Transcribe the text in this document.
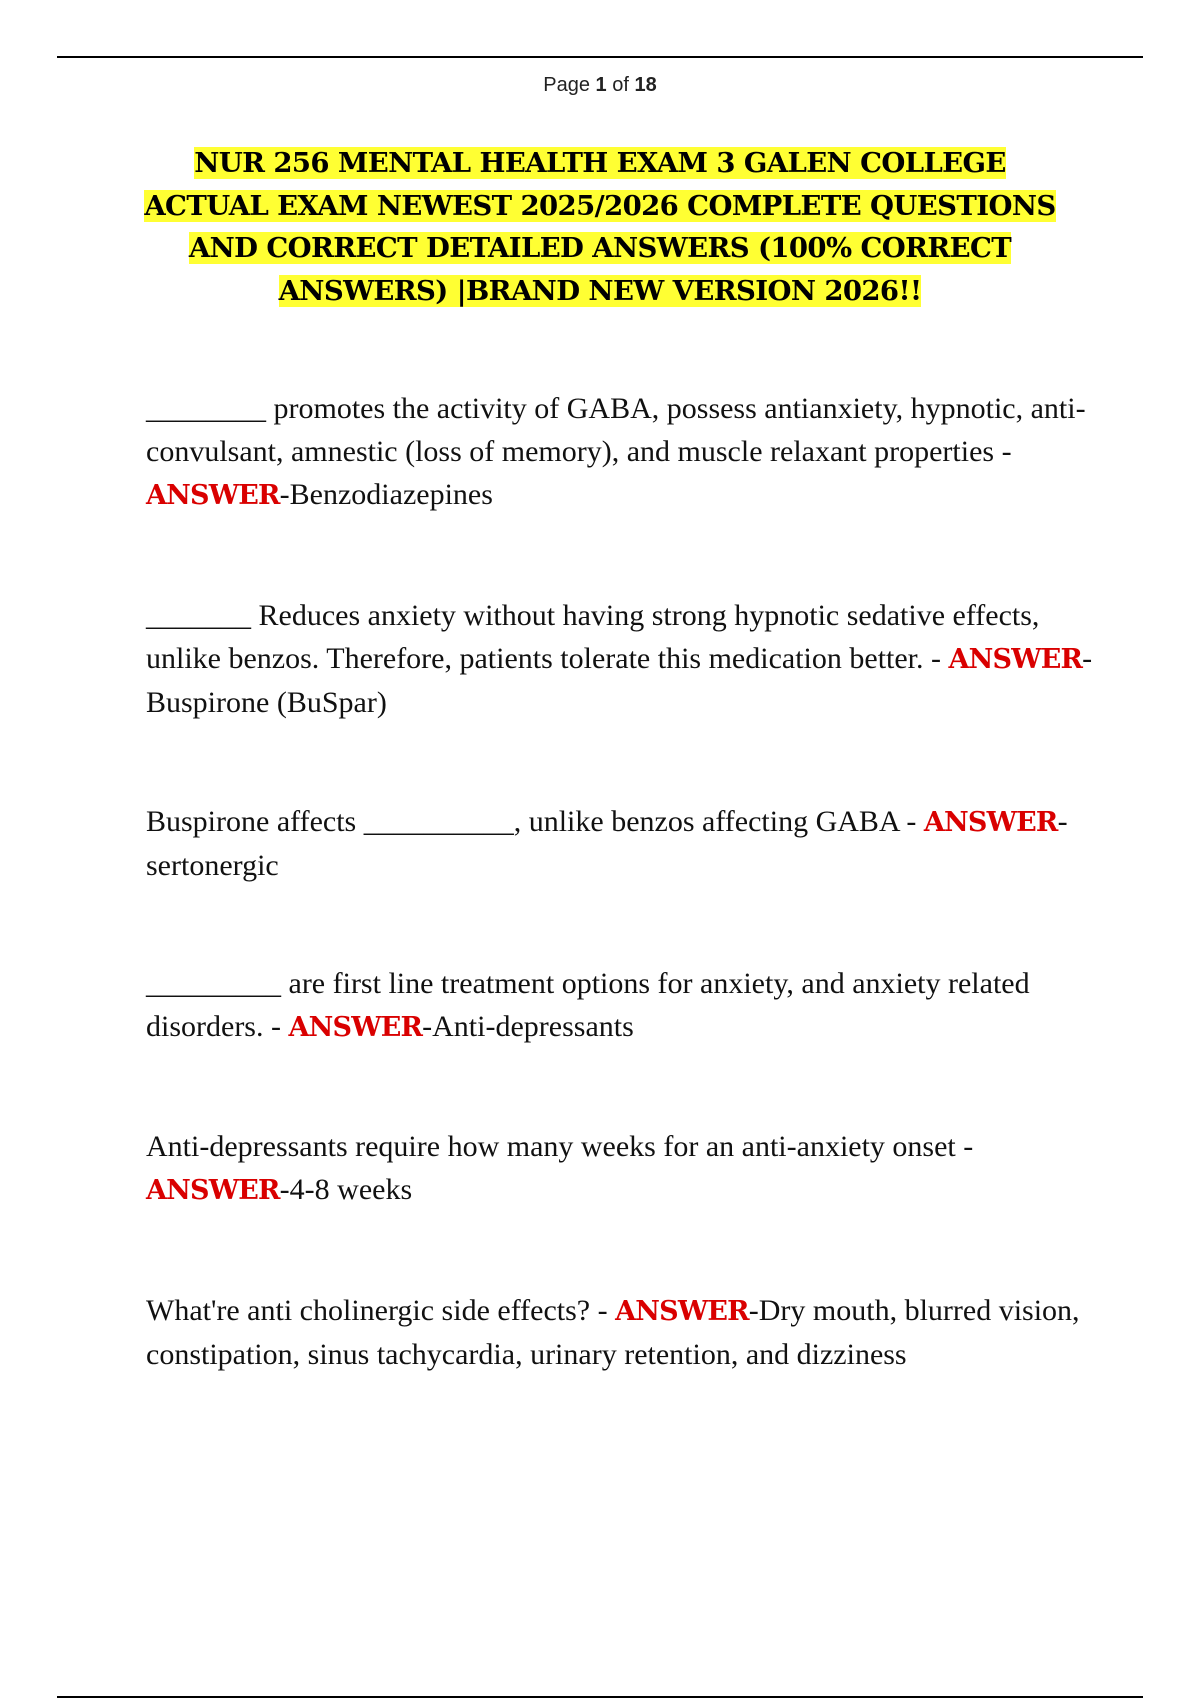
Page 1 of 18
NUR 256 MENTAL HEALTH EXAM 3 GALEN COLLEGE ACTUAL EXAM NEWEST 2025/2026 COMPLETE QUESTIONS AND CORRECT DETAILED ANSWERS (100% CORRECT ANSWERS) |BRAND NEW VERSION 2026!!
________ promotes the activity of GABA, possess antianxiety, hypnotic, anti-convulsant, amnestic (loss of memory), and muscle relaxant properties - ANSWER-Benzodiazepines
_______ Reduces anxiety without having strong hypnotic sedative effects, unlike benzos. Therefore, patients tolerate this medication better. - ANSWER-Buspirone (BuSpar)
Buspirone affects __________, unlike benzos affecting GABA - ANSWER-sertonergic
_________ are first line treatment options for anxiety, and anxiety related disorders. - ANSWER-Anti-depressants
Anti-depressants require how many weeks for an anti-anxiety onset - ANSWER-4-8 weeks
What're anti cholinergic side effects? - ANSWER-Dry mouth, blurred vision, constipation, sinus tachycardia, urinary retention, and dizziness
